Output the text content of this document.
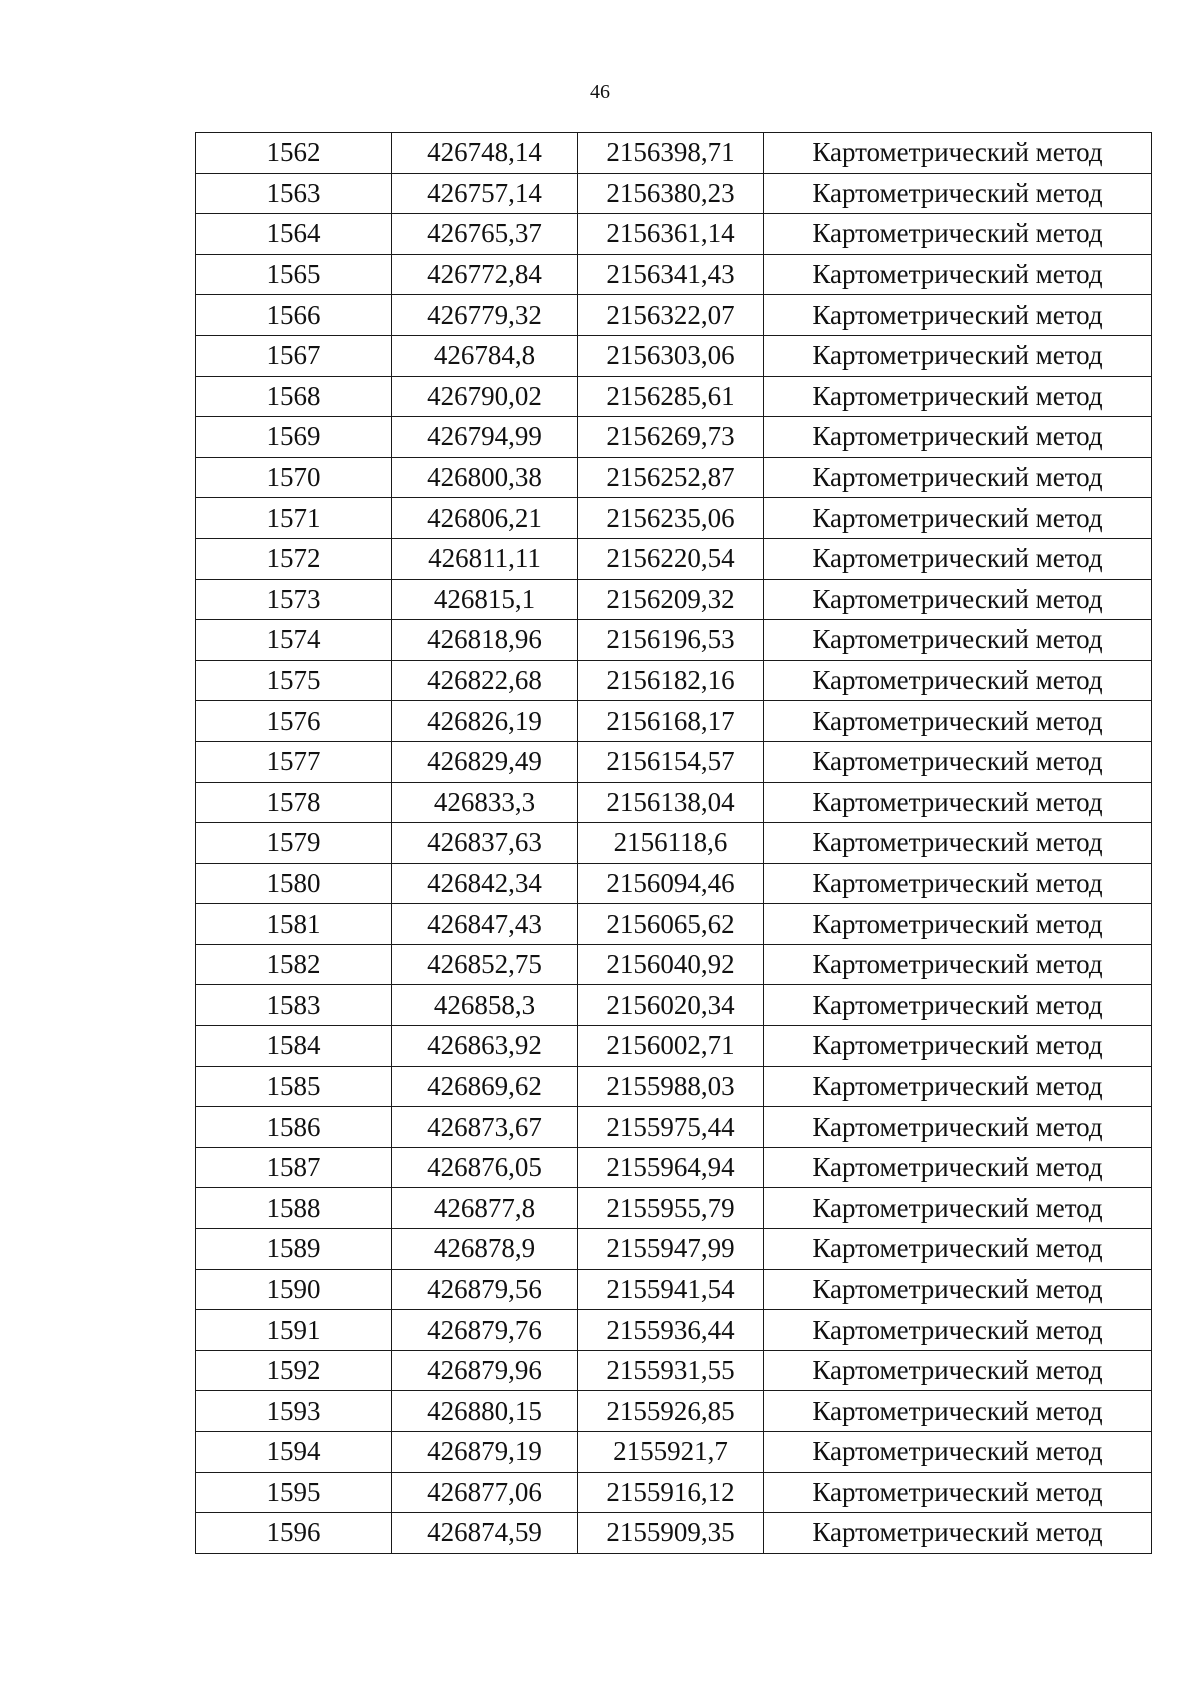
46
1562	426748,14	2156398,71	Картометрический метод
1563	426757,14	2156380,23	Картометрический метод
1564	426765,37	2156361,14	Картометрический метод
1565	426772,84	2156341,43	Картометрический метод
1566	426779,32	2156322,07	Картометрический метод
1567	426784,8	2156303,06	Картометрический метод
1568	426790,02	2156285,61	Картометрический метод
1569	426794,99	2156269,73	Картометрический метод
1570	426800,38	2156252,87	Картометрический метод
1571	426806,21	2156235,06	Картометрический метод
1572	426811,11	2156220,54	Картометрический метод
1573	426815,1	2156209,32	Картометрический метод
1574	426818,96	2156196,53	Картометрический метод
1575	426822,68	2156182,16	Картометрический метод
1576	426826,19	2156168,17	Картометрический метод
1577	426829,49	2156154,57	Картометрический метод
1578	426833,3	2156138,04	Картометрический метод
1579	426837,63	2156118,6	Картометрический метод
1580	426842,34	2156094,46	Картометрический метод
1581	426847,43	2156065,62	Картометрический метод
1582	426852,75	2156040,92	Картометрический метод
1583	426858,3	2156020,34	Картометрический метод
1584	426863,92	2156002,71	Картометрический метод
1585	426869,62	2155988,03	Картометрический метод
1586	426873,67	2155975,44	Картометрический метод
1587	426876,05	2155964,94	Картометрический метод
1588	426877,8	2155955,79	Картометрический метод
1589	426878,9	2155947,99	Картометрический метод
1590	426879,56	2155941,54	Картометрический метод
1591	426879,76	2155936,44	Картометрический метод
1592	426879,96	2155931,55	Картометрический метод
1593	426880,15	2155926,85	Картометрический метод
1594	426879,19	2155921,7	Картометрический метод
1595	426877,06	2155916,12	Картометрический метод
1596	426874,59	2155909,35	Картометрический метод
